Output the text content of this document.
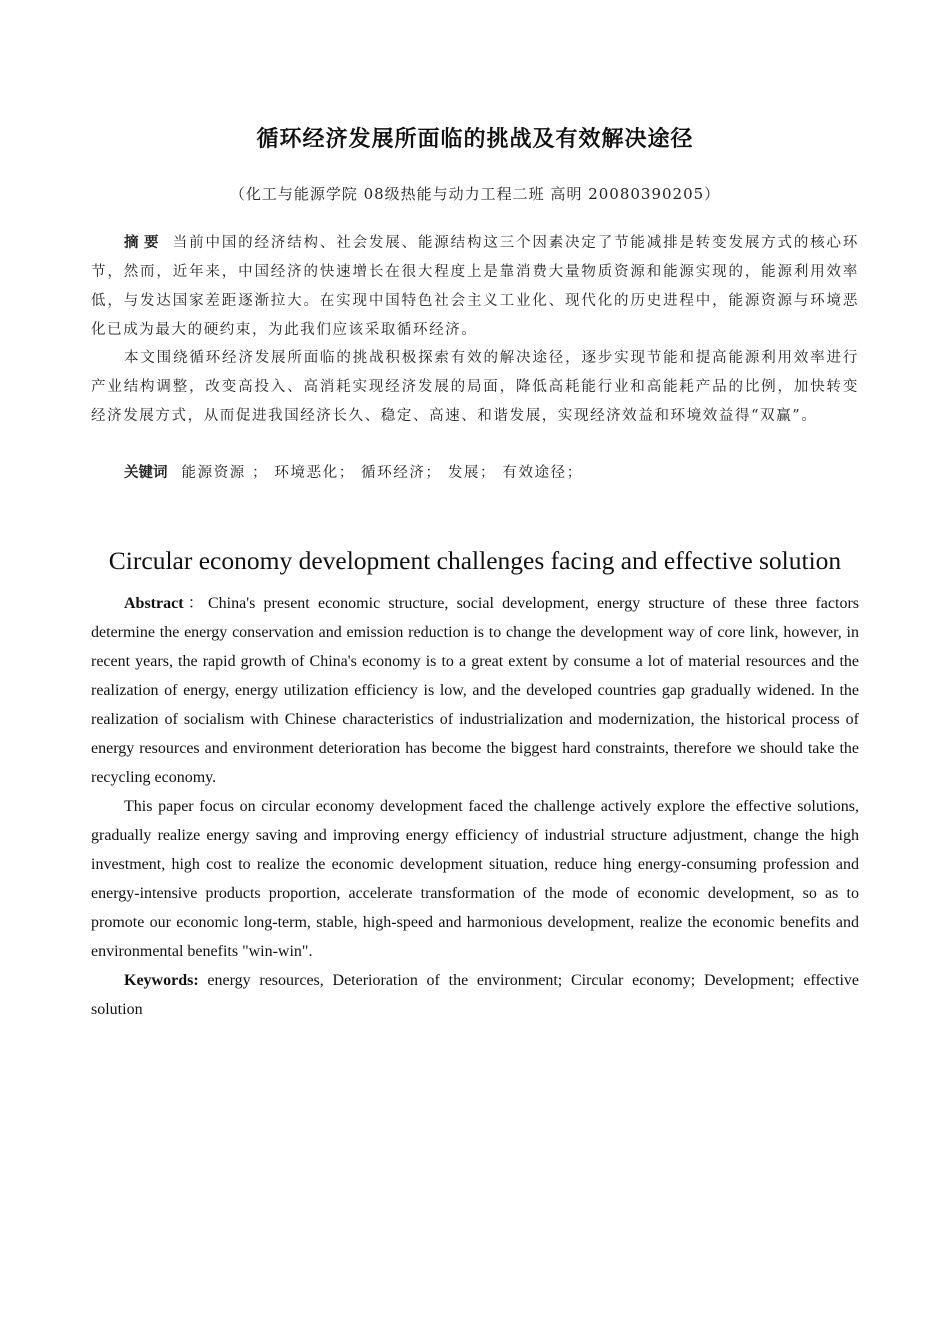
循环经济发展所面临的挑战及有效解决途径
（化工与能源学院 08级热能与动力工程二班 高明 20080390205）
摘 要 当前中国的经济结构、社会发展、能源结构这三个因素决定了节能减排是转变发展方式的核心环节，然而，近年来，中国经济的快速增长在很大程度上是靠消费大量物质资源和能源实现的，能源利用效率低，与发达国家差距逐渐拉大。在实现中国特色社会主义工业化、现代化的历史进程中，能源资源与环境恶化已成为最大的硬约束，为此我们应该采取循环经济。
本文围绕循环经济发展所面临的挑战积极探索有效的解决途径，逐步实现节能和提高能源利用效率进行产业结构调整，改变高投入、高消耗实现经济发展的局面，降低高耗能行业和高能耗产品的比例，加快转变经济发展方式，从而促进我国经济长久、稳定、高速、和谐发展，实现经济效益和环境效益得“双赢”。
关键词 能源资源 ； 环境恶化； 循环经济； 发展； 有效途径；
Circular economy development challenges facing and effective solution
Abstract：China's present economic structure, social development, energy structure of these three factors determine the energy conservation and emission reduction is to change the development way of core link, however, in recent years, the rapid growth of China's economy is to a great extent by consume a lot of material resources and the realization of energy, energy utilization efficiency is low, and the developed countries gap gradually widened. In the realization of socialism with Chinese characteristics of industrialization and modernization, the historical process of energy resources and environment deterioration has become the biggest hard constraints, therefore we should take the recycling economy.
This paper focus on circular economy development faced the challenge actively explore the effective solutions, gradually realize energy saving and improving energy efficiency of industrial structure adjustment, change the high investment, high cost to realize the economic development situation, reduce hing energy-consuming profession and energy-intensive products proportion, accelerate transformation of the mode of economic development, so as to promote our economic long-term, stable, high-speed and harmonious development, realize the economic benefits and environmental benefits "win-win".
Keywords: energy resources, Deterioration of the environment; Circular economy; Development; effective solution
